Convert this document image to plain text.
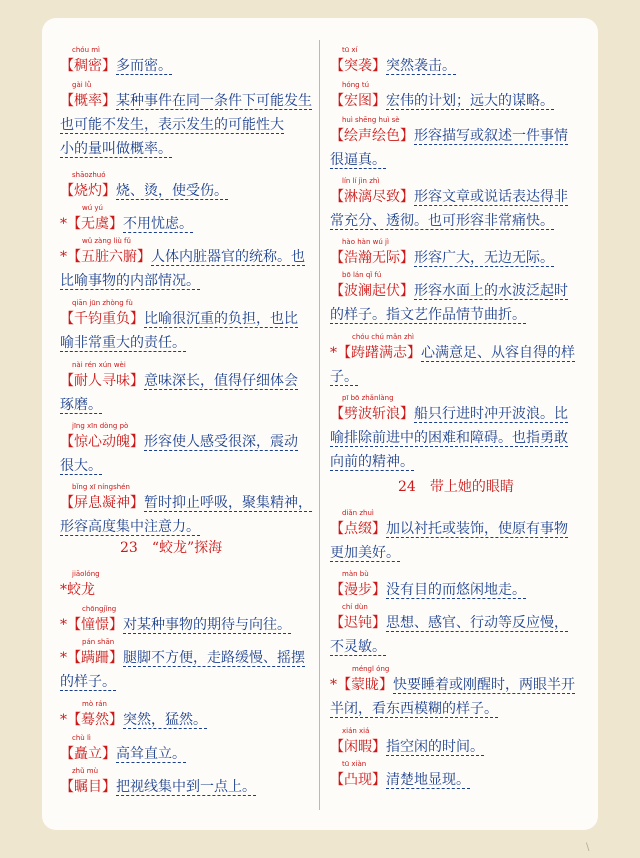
chóu mì
【稠密】多而密。
gài lǜ
【概率】某种事件在同一条件下可能发生
也可能不发生，表示发生的可能性大
小的量叫做概率。
shāozhuó
【烧灼】烧、烫，使受伤。
wú yú
*【无虞】不用忧虑。
wǔ zàng liù fǔ
*【五脏六腑】人体内脏器官的统称。也
比喻事物的内部情况。
qiān jūn zhòng fù
【千钧重负】比喻很沉重的负担，也比
喻非常重大的责任。
nài rén xún wèi
【耐人寻味】意味深长，值得仔细体会
琢磨。
jīng xīn dòng pò
【惊心动魄】形容使人感受很深，震动
很大。
bǐng xī níngshén
【屏息凝神】暂时抑止呼吸，聚集精神，
形容高度集中注意力。
jiāolóng
*蛟龙
chōngjǐng
*【憧憬】对某种事物的期待与向往。
pán shān
*【蹒跚】腿脚不方便，走路缓慢、摇摆
的样子。
mò rán
*【蓦然】突然，猛然。
chù lì
【矗立】高耸直立。
zhǔ mù
【瞩目】把视线集中到一点上。
23　“蛟龙”探海
tū xí
【突袭】突然袭击。
hóng tú
【宏图】宏伟的计划；远大的谋略。
huì shēng huì sè
【绘声绘色】形容描写或叙述一件事情
很逼真。
lín lí jìn zhì
【淋漓尽致】形容文章或说话表达得非
常充分、透彻。也可形容非常痛快。
hào hàn wú jì
【浩瀚无际】形容广大，无边无际。
bō lán qǐ fú
【波澜起伏】形容水面上的水波泛起时
的样子。指文艺作品情节曲折。
chóu chú mǎn zhì
*【踌躇满志】心满意足、从容自得的样
子。
pī bō zhǎnlàng
【劈波斩浪】船只行进时冲开波浪。比
喻排除前进中的困难和障碍。也指勇敢
向前的精神。
diǎn zhuì
【点缀】加以衬托或装饰，使原有事物
更加美好。
màn bù
【漫步】没有目的而悠闲地走。
chí dùn
【迟钝】思想、感官、行动等反应慢，
不灵敏。
méngl óng
*【蒙眬】快要睡着或刚醒时，两眼半开
半闭，看东西模糊的样子。
xián xiá
【闲暇】指空闲的时间。
tū xiàn
【凸现】清楚地显现。
24　带上她的眼睛
\
